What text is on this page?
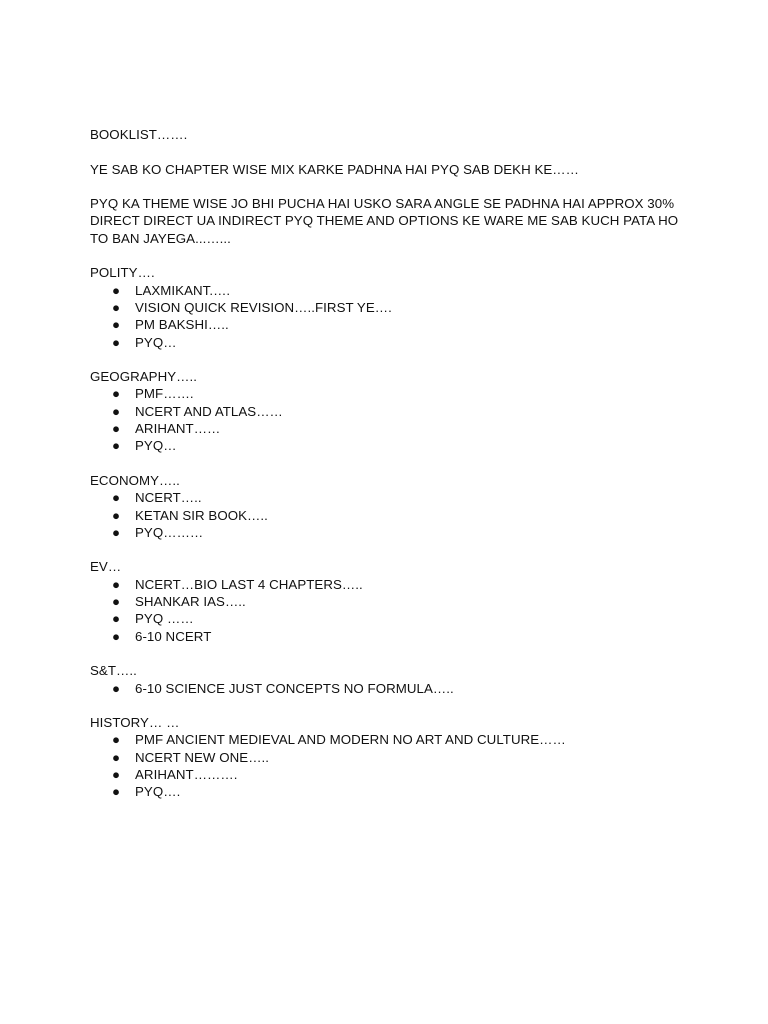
BOOKLIST…….

YE SAB KO CHAPTER WISE MIX KARKE PADHNA HAI PYQ SAB DEKH KE……

PYQ KA THEME WISE JO BHI PUCHA HAI USKO SARA ANGLE SE PADHNA HAI APPROX 30% DIRECT DIRECT UA INDIRECT PYQ THEME AND OPTIONS KE WARE ME SAB KUCH PATA HO TO BAN JAYEGA...…...

POLITY….

● LAXMIKANT.….
● VISION QUICK REVISION…..FIRST YE….
● PM BAKSHI…..
● PYQ…

GEOGRAPHY…..

● PMF…….
● NCERT AND ATLAS……
● ARIHANT……
● PYQ…

ECONOMY…..

● NCERT…..
● KETAN SIR BOOK…..
● PYQ………

EV…

● NCERT…BIO LAST 4 CHAPTERS…..
● SHANKAR IAS…..
● PYQ ……
● 6-10 NCERT

S&T…..

● 6-10 SCIENCE JUST CONCEPTS NO FORMULA…..

HISTORY… …

● PMF ANCIENT MEDIEVAL AND MODERN NO ART AND CULTURE……
● NCERT NEW ONE…..
● ARIHANT……….
● PYQ….
